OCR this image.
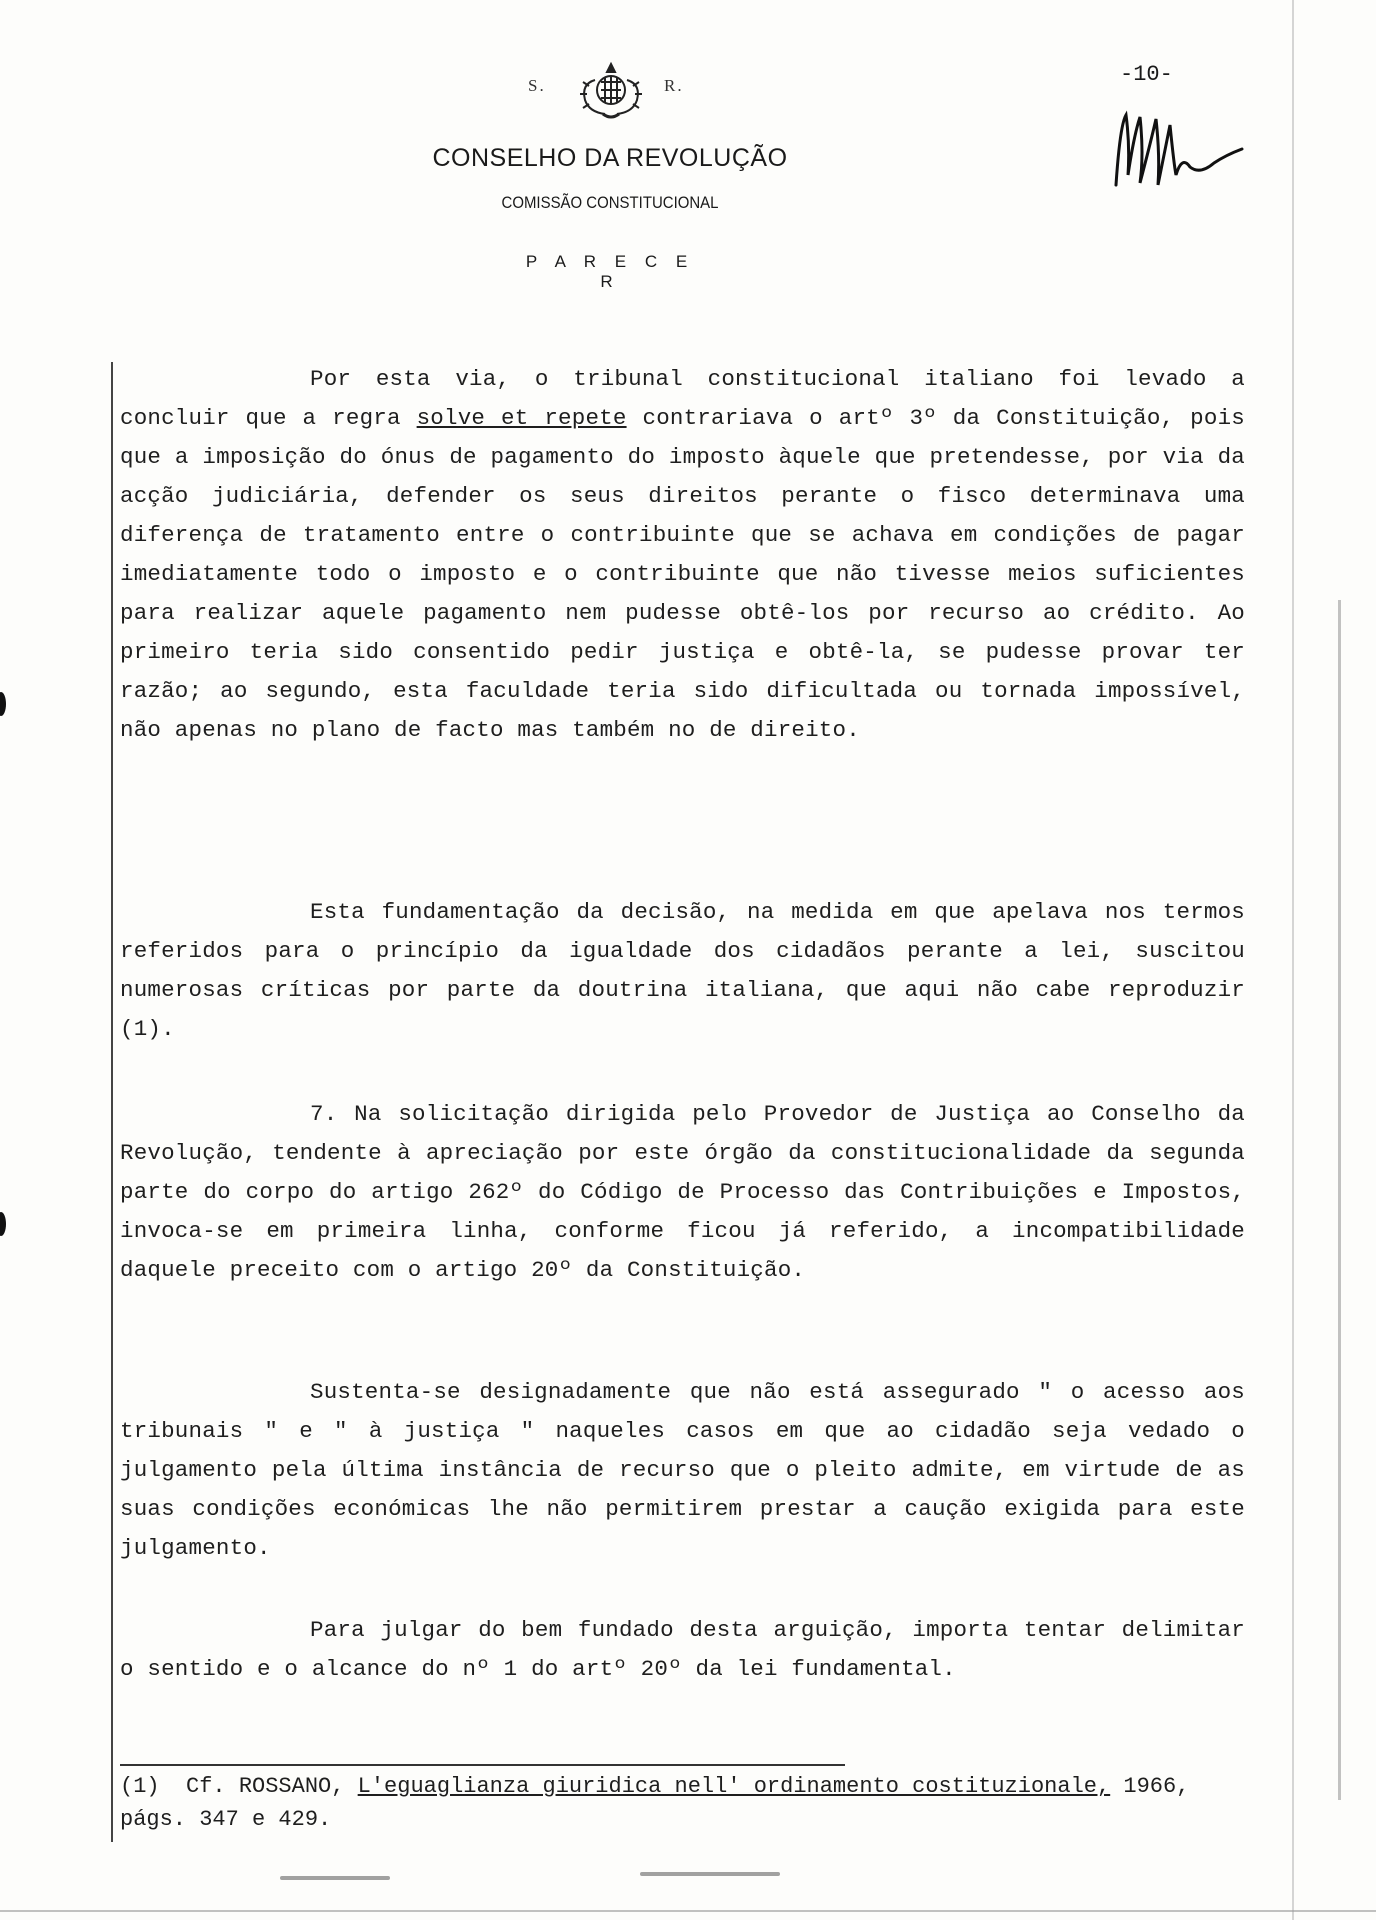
S.	R.
CONSELHO DA REVOLUÇÃO
COMISSÃO CONSTITUCIONAL
P A R E C E R
-10-

Por esta via, o tribunal constitucional italiano foi levado a concluir que a regra solve et repete contrariava o artº 3º da Constituição, pois que a imposição do ónus de pagamento do imposto àquele que pretendesse, por via da acção judiciária, defender os seus direitos perante o fisco determinava uma diferença de tratamento entre o contribuinte que se achava em condições de pagar imediatamente todo o imposto e o contribuinte que não tivesse meios suficientes para realizar aquele pagamento nem pudesse obtê-los por recurso ao crédito. Ao primeiro teria sido consentido pedir justiça e obtê-la, se pudesse provar ter razão; ao segundo, esta faculdade teria sido dificultada ou tornada impossível, não apenas no plano de facto mas também no de direito.

Esta fundamentação da decisão, na medida em que apelava nos termos referidos para o princípio da igualdade dos cidadãos perante a lei, suscitou numerosas críticas por parte da doutrina italiana, que aqui não cabe reproduzir (1).

7. Na solicitação dirigida pelo Provedor de Justiça ao Conselho da Revolução, tendente à apreciação por este órgão da constitucionalidade da segunda parte do corpo do artigo 262º do Código de Processo das Contribuições e Impostos, invoca-se em primeira linha, conforme ficou já referido, a incompatibilidade daquele preceito com o artigo 20º da Constituição.

Sustenta-se designadamente que não está assegurado " o acesso aos tribunais " e " à justiça " naqueles casos em que ao cidadão seja vedado o julgamento pela última instância de recurso que o pleito admite, em virtude de as suas condições económicas lhe não permitirem prestar a caução exigida para este julgamento.

Para julgar do bem fundado desta arguição, importa tentar delimitar o sentido e o alcance do nº 1 do artº 20º da lei fundamental.

(1) Cf. ROSSANO, L'eguaglianza giuridica nell' ordinamento costituzionale, 1966, págs. 347 e 429.
